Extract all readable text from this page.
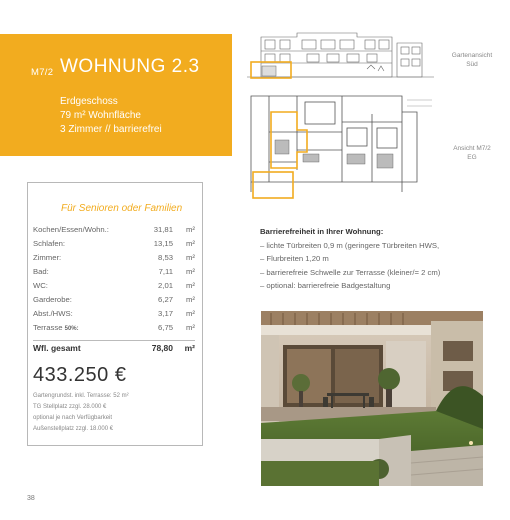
M7/2 WOHNUNG 2.3
Erdgeschoss
79 m² Wohnfläche
3 Zimmer // barrierefrei
Gartenansicht
Süd
Ansicht M7/2
EG
Für Senioren oder Familien
Kochen/Essen/Wohn.:	31,81 m²
Schlafen:	13,15 m²
Zimmer:	8,53 m²
Bad:	7,11 m²
WC:	2,01 m²
Garderobe:	6,27 m²
Abst./HWS:	3,17 m²
Terrasse 50%:	6,75 m²
Wfl. gesamt	78,80 m²
433.250 €
Gartengrundst. inkl. Terrasse: 52 m²
TG Stellplatz zzgl. 28.000 €
optional je nach Verfügbarkeit
Außenstellplatz zzgl. 18.000 €
Barrierefreiheit in Ihrer Wohnung:
– lichte Türbreiten 0,9 m (geringere Türbreiten HWS,
– Flurbreiten 1,20 m
– barrierefreie Schwelle zur Terrasse (kleiner/= 2 cm)
– optional: barrierefreie Badgestaltung
38
